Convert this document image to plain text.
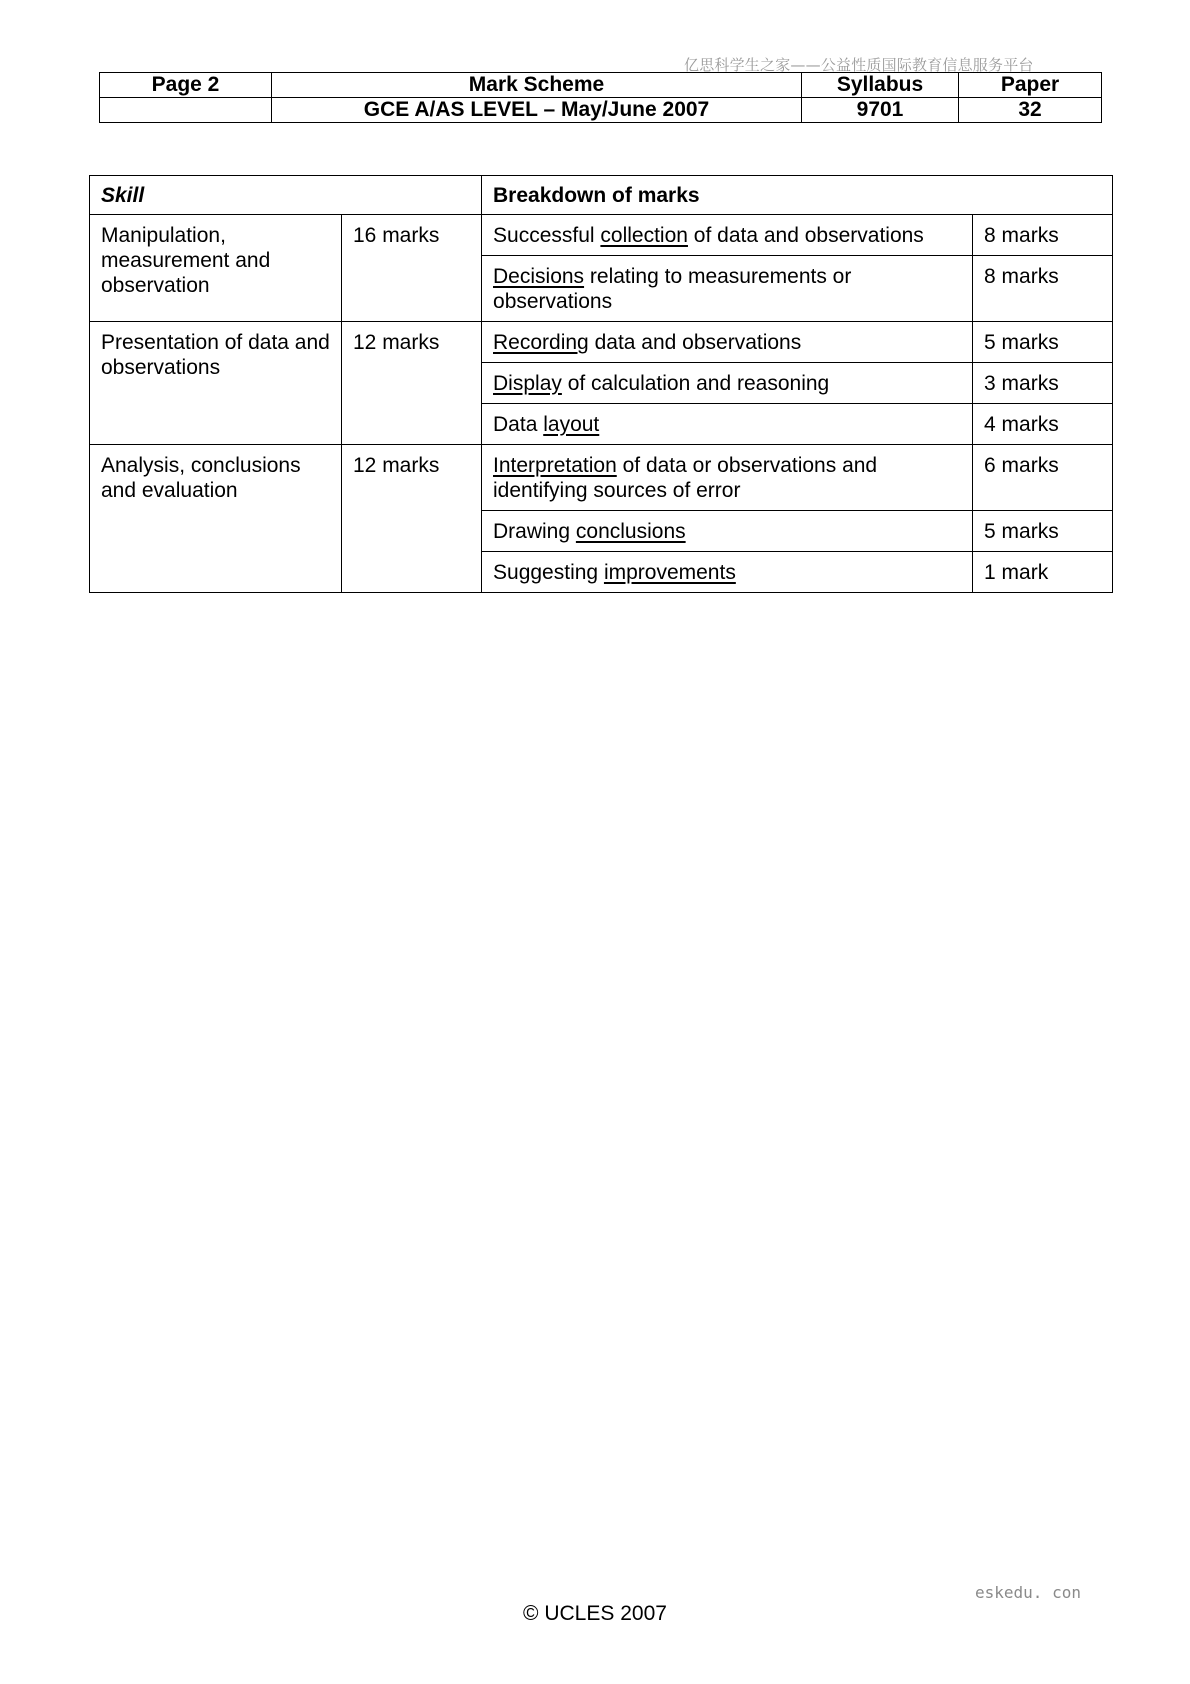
亿思科学生之家——公益性质国际教育信息服务平台
Page 2	Mark Scheme	Syllabus	Paper
	GCE A/AS LEVEL – May/June 2007	9701	32
Skill		Breakdown of marks	
Manipulation, measurement and observation	16 marks	Successful collection of data and observations	8 marks
		Decisions relating to measurements or observations	8 marks
Presentation of data and observations	12 marks	Recording data and observations	5 marks
		Display of calculation and reasoning	3 marks
		Data layout	4 marks
Analysis, conclusions and evaluation	12 marks	Interpretation of data or observations and identifying sources of error	6 marks
		Drawing conclusions	5 marks
		Suggesting improvements	1 mark
eskedu. con
© UCLES 2007
